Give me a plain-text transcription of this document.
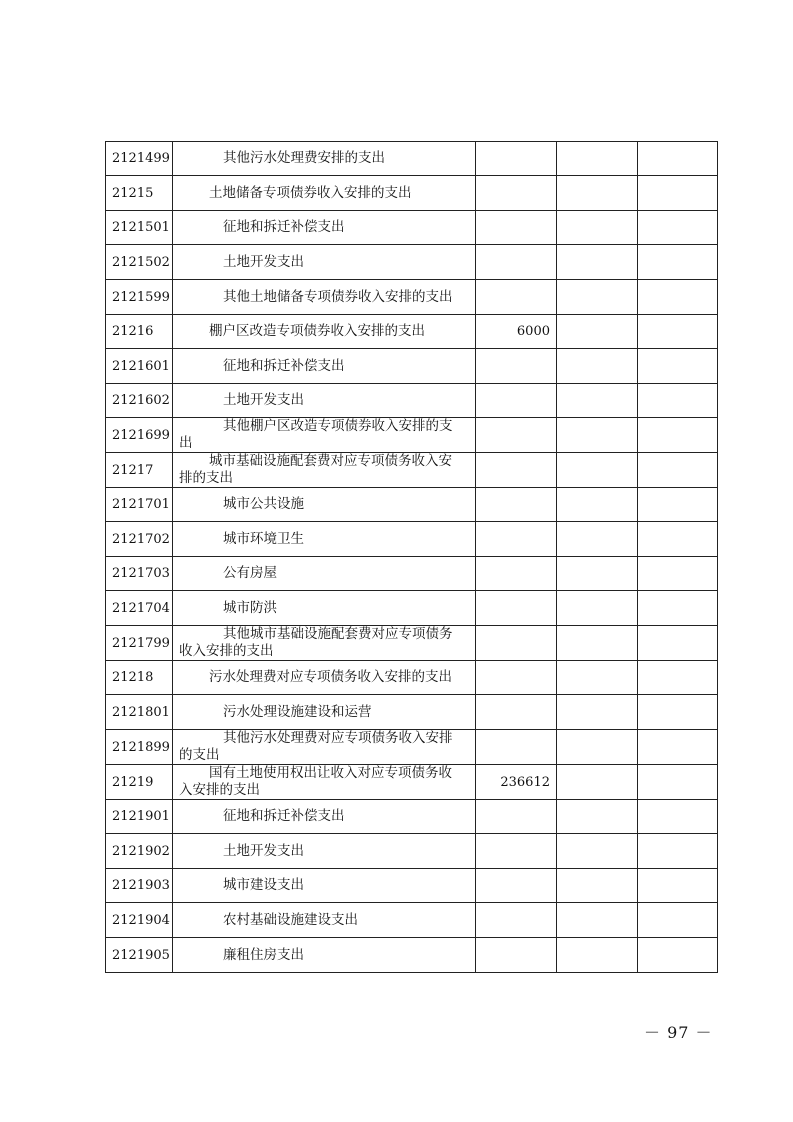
2121499	其他污水处理费安排的支出			

21215	土地储备专项债券收入安排的支出			

2121501	征地和拆迁补偿支出			

2121502	土地开发支出			

2121599	其他土地储备专项债券收入安排的支出			

21216	棚户区改造专项债券收入安排的支出	6000		
2121601	征地和拆迁补偿支出			

2121602	土地开发支出			

2121699	其他棚户区改造专项债券收入安排的支出			

21217	城市基础设施配套费对应专项债务收入安排的支出			

2121701	城市公共设施			

2121702	城市环境卫生			

2121703	公有房屋			

2121704	城市防洪			

2121799	其他城市基础设施配套费对应专项债务收入安排的支出			

21218	污水处理费对应专项债务收入安排的支出			

2121801	污水处理设施建设和运营			

2121899	其他污水处理费对应专项债务收入安排的支出			

21219	国有土地使用权出让收入对应专项债务收入安排的支出	236612		
2121901	征地和拆迁补偿支出			

2121902	土地开发支出			

2121903	城市建设支出			

2121904	农村基础设施建设支出			

2121905	廉租住房支出			

－ 97 －
